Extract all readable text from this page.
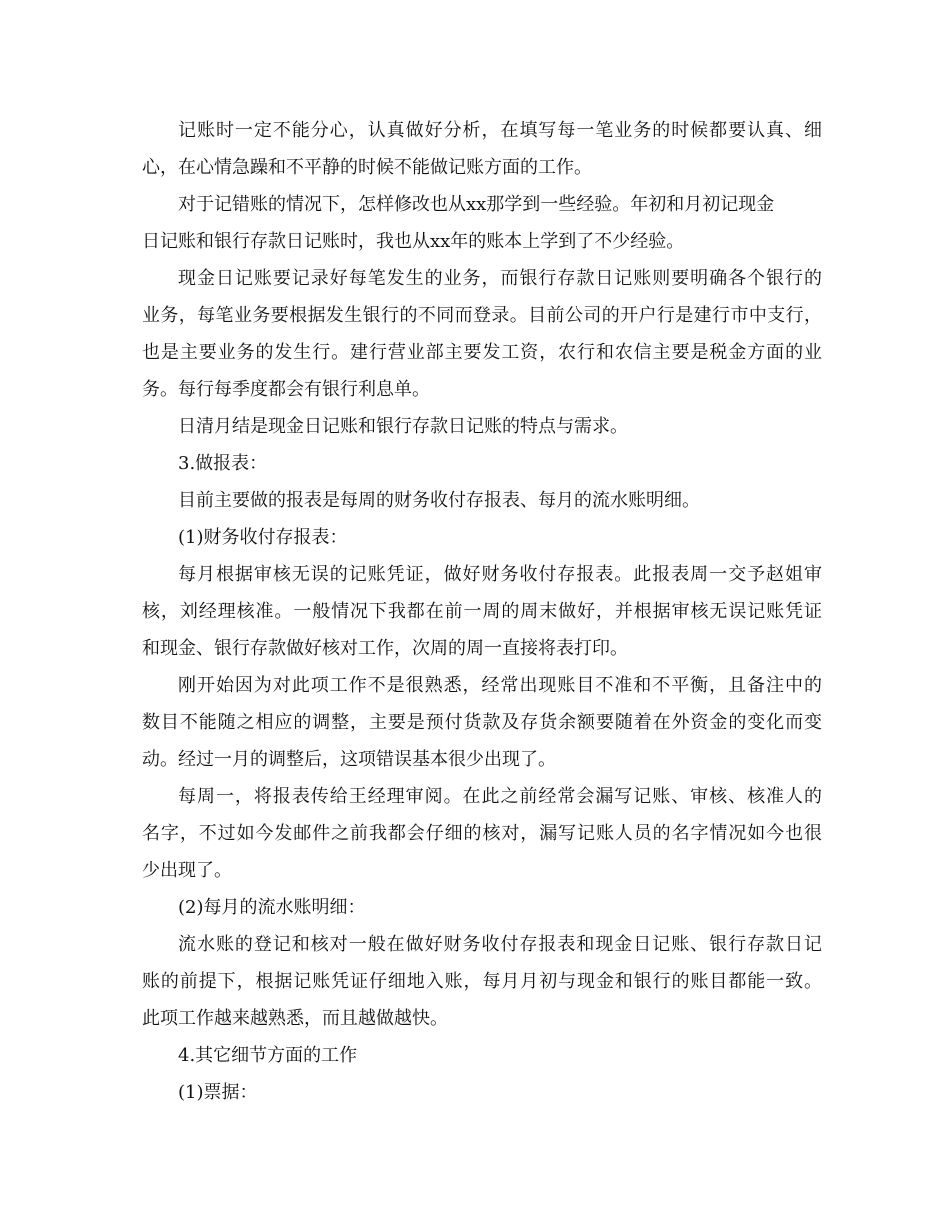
记账时一定不能分心，认真做好分析，在填写每一笔业务的时候都要认真、细

心，在心情急躁和不平静的时候不能做记账方面的工作。

对于记错账的情况下，怎样修改也从xx那学到一些经验。年初和月初记现金

日记账和银行存款日记账时，我也从xx年的账本上学到了不少经验。

现金日记账要记录好每笔发生的业务，而银行存款日记账则要明确各个银行的

业务，每笔业务要根据发生银行的不同而登录。目前公司的开户行是建行市中支行，

也是主要业务的发生行。建行营业部主要发工资，农行和农信主要是税金方面的业

务。每行每季度都会有银行利息单。

日清月结是现金日记账和银行存款日记账的特点与需求。

3.做报表：

目前主要做的报表是每周的财务收付存报表、每月的流水账明细。

(1)财务收付存报表：

每月根据审核无误的记账凭证，做好财务收付存报表。此报表周一交予赵姐审

核，刘经理核准。一般情况下我都在前一周的周末做好，并根据审核无误记账凭证

和现金、银行存款做好核对工作，次周的周一直接将表打印。

刚开始因为对此项工作不是很熟悉，经常出现账目不准和不平衡，且备注中的

数目不能随之相应的调整，主要是预付货款及存货余额要随着在外资金的变化而变

动。经过一月的调整后，这项错误基本很少出现了。

每周一，将报表传给王经理审阅。在此之前经常会漏写记账、审核、核准人的

名字，不过如今发邮件之前我都会仔细的核对，漏写记账人员的名字情况如今也很

少出现了。

(2)每月的流水账明细：

流水账的登记和核对一般在做好财务收付存报表和现金日记账、银行存款日记

账的前提下，根据记账凭证仔细地入账，每月月初与现金和银行的账目都能一致。

此项工作越来越熟悉，而且越做越快。

4.其它细节方面的工作

(1)票据：
